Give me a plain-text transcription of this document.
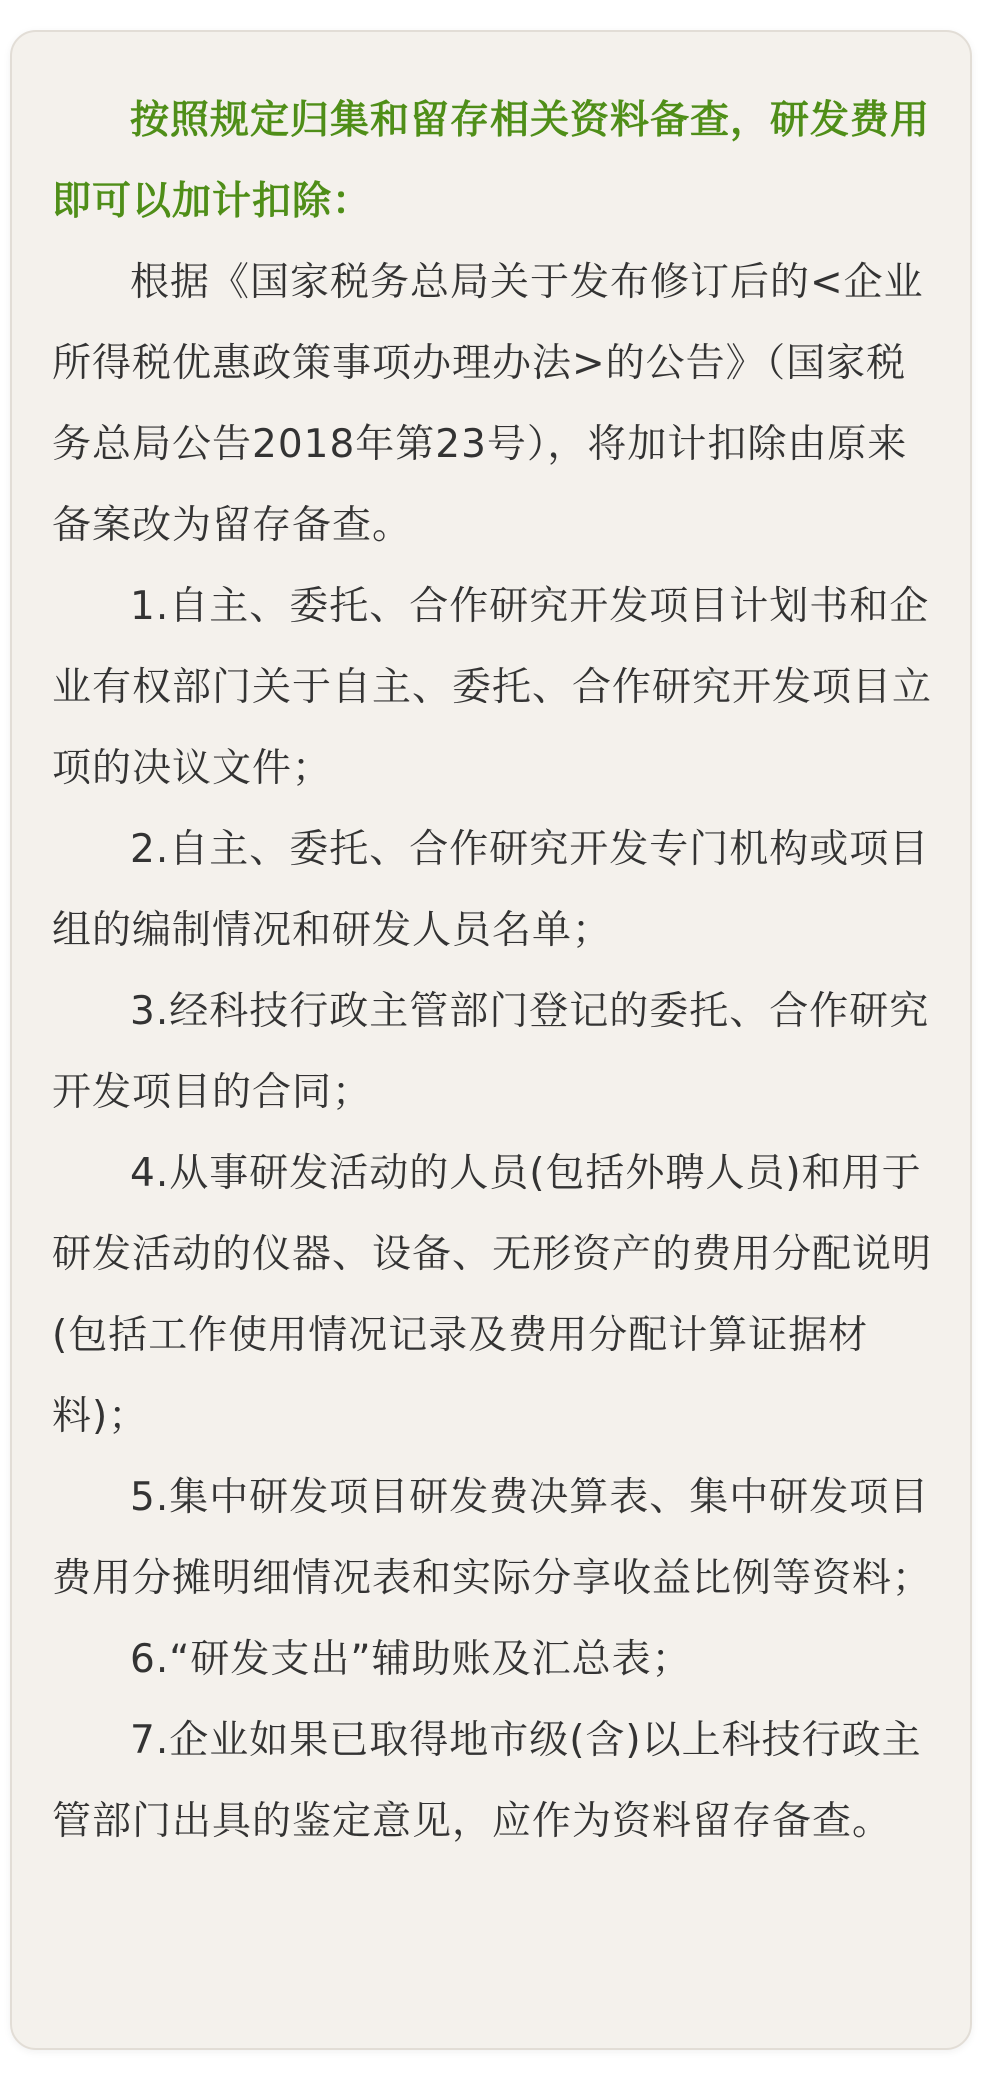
按照规定归集和留存相关资料备查，研发费用即可以加计扣除：

根据《国家税务总局关于发布修订后的<企业所得税优惠政策事项办理办法>的公告》（国家税务总局公告2018年第23号），将加计扣除由原来备案改为留存备查。

1.自主、委托、合作研究开发项目计划书和企业有权部门关于自主、委托、合作研究开发项目立项的决议文件；

2.自主、委托、合作研究开发专门机构或项目组的编制情况和研发人员名单；

3.经科技行政主管部门登记的委托、合作研究开发项目的合同；

4.从事研发活动的人员(包括外聘人员)和用于研发活动的仪器、设备、无形资产的费用分配说明(包括工作使用情况记录及费用分配计算证据材料)；

5.集中研发项目研发费决算表、集中研发项目费用分摊明细情况表和实际分享收益比例等资料；

6.“研发支出”辅助账及汇总表；

7.企业如果已取得地市级(含)以上科技行政主管部门出具的鉴定意见，应作为资料留存备查。
